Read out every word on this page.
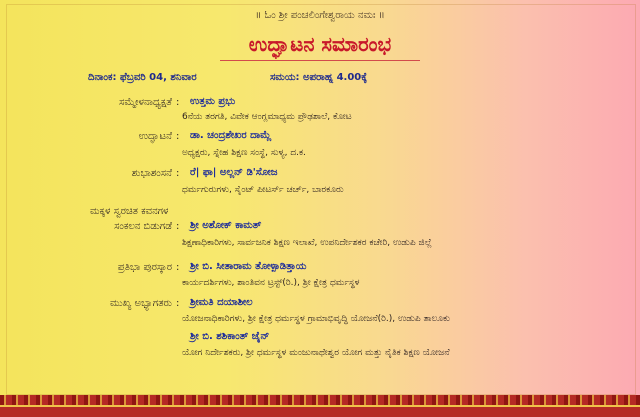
॥ ಓಂ ಶ್ರೀ ಪಂಚಲಿಂಗೇಶ್ವರಾಯ ನಮಃ ॥
ಉದ್ಘಾಟನ ಸಮಾರಂಭ
ದಿನಾಂಕ: ಫೆಬ್ರವರಿ 04, ಶನಿವಾರ	ಸಮಯ: ಅಪರಾಹ್ನ 4.00ಕ್ಕೆ
ಸಮ್ಮೇಳನಾಧ್ಯಕ್ಷತೆ : ಉತ್ತಮ ಪ್ರಭು
6ನೆಯ ತರಗತಿ, ವಿವೇಕ ಆಂಗ್ಲಮಾಧ್ಯಮ ಪ್ರೌಢಶಾಲೆ, ಕೋಟ
ಉದ್ಘಾಟನೆ : ಡಾ. ಚಂದ್ರಶೇಖರ ದಾಮ್ಲೆ
ಅಧ್ಯಕ್ಷರು, ಸ್ನೇಹ ಶಿಕ್ಷಣ ಸಂಸ್ಥೆ, ಸುಳ್ಯ, ದ.ಕ.
ಶುಭಾಶಂಸನೆ : ರೆ| ಫಾ| ಅಲ್ಲನ್ ಡಿ'ಸೋಜ
ಧರ್ಮಗುರುಗಳು, ಸೈಂಟ್ ಪೀಟರ್ಸ್ ಚರ್ಚ್, ಬಾರಕೂರು
ಮಕ್ಕಳ ಸ್ವರಚಿತ ಕವನಗಳ
ಸಂಕಲನ ಬಿಡುಗಡೆ : ಶ್ರೀ ಅಶೋಕ್ ಕಾಮತ್
ಶಿಕ್ಷಣಾಧಿಕಾರಿಗಳು, ಸಾರ್ವಜನಿಕ ಶಿಕ್ಷಣ ಇಲಾಖೆ, ಉಪನಿರ್ದೇಶಕರ ಕಚೇರಿ, ಉಡುಪಿ ಜಿಲ್ಲೆ
ಪ್ರತಿಭಾ ಪುರಸ್ಕಾರ : ಶ್ರೀ ಬಿ. ಸೀತಾರಾಮ ತೋಳ್ಪಾಡಿತ್ತಾಯ
ಕಾರ್ಯದರ್ಶಿಗಳು, ಶಾಂತಿವನ ಟ್ರಸ್ಟ್(ರಿ.), ಶ್ರೀ ಕ್ಷೇತ್ರ ಧರ್ಮಸ್ಥಳ
ಮುಖ್ಯ ಅಭ್ಯಾಗತರು : ಶ್ರೀಮತಿ ದಯಾಶೀಲ
ಯೋಜನಾಧಿಕಾರಿಗಳು, ಶ್ರೀ ಕ್ಷೇತ್ರ ಧರ್ಮಸ್ಥಳ ಗ್ರಾಮಾಭಿವೃದ್ಧಿ ಯೋಜನೆ(ರಿ.), ಉಡುಪಿ ತಾಲೂಕು
ಶ್ರೀ ಬಿ. ಶಶಿಕಾಂತ್ ಜೈನ್
ಯೋಗ ನಿರ್ದೇಶಕರು, ಶ್ರೀ ಧರ್ಮಸ್ಥಳ ಮಂಜುನಾಥೇಶ್ವರ ಯೋಗ ಮತ್ತು ನೈತಿಕ ಶಿಕ್ಷಣ ಯೋಜನೆ
